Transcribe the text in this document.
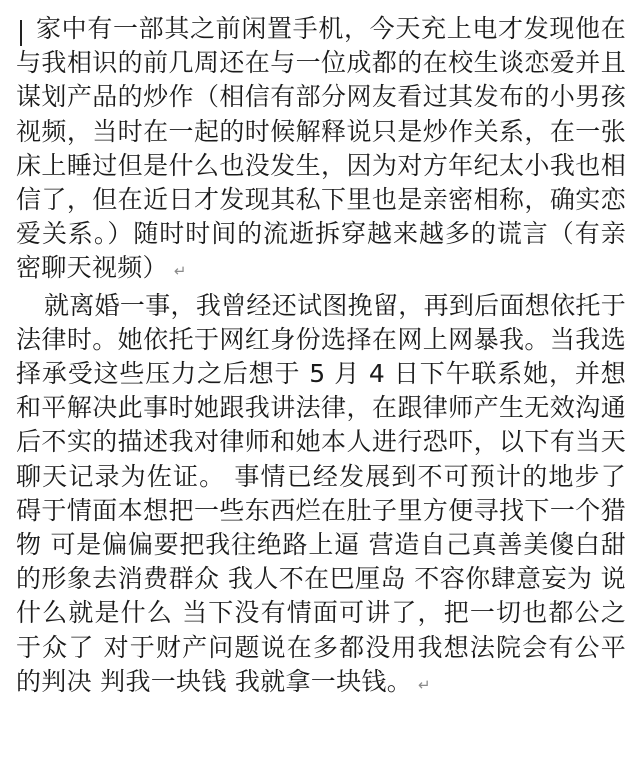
家中有一部其之前闲置手机，今天充上电才发现他在与我相识的前几周还在与一位成都的在校生谈恋爱并且谋划产品的炒作（相信有部分网友看过其发布的小男孩视频，当时在一起的时候解释说只是炒作关系，在一张床上睡过但是什么也没发生，因为对方年纪太小我也相信了，但在近日才发现其私下里也是亲密相称，确实恋爱关系。）随时时间的流逝拆穿越来越多的谎言（有亲密聊天视频） ↵

就离婚一事，我曾经还试图挽留，再到后面想依托于法律时。她依托于网红身份选择在网上网暴我。当我选择承受这些压力之后想于 5 月 4 日下午联系她，并想和平解决此事时她跟我讲法律，在跟律师产生无效沟通后不实的描述我对律师和她本人进行恐吓，以下有当天聊天记录为佐证。 事情已经发展到不可预计的地步了 碍于情面本想把一些东西烂在肚子里方便寻找下一个猎物 可是偏偏要把我往绝路上逼 营造自己真善美傻白甜的形象去消费群众 我人不在巴厘岛 不容你肆意妄为 说什么就是什么 当下没有情面可讲了，把一切也都公之于众了 对于财产问题说在多都没用我想法院会有公平的判决 判我一块钱 我就拿一块钱。 ↵
